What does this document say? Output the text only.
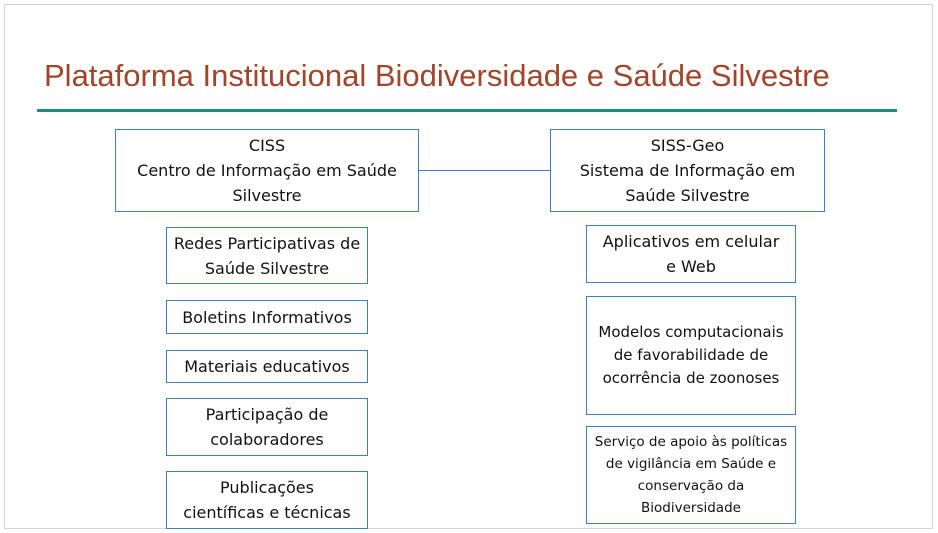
Plataforma Institucional Biodiversidade e Saúde Silvestre
CISS
Centro de Informação em Saúde
Silvestre
Redes Participativas de Saúde Silvestre
Boletins Informativos
Materiais educativos
Participação de colaboradores
Publicações científicas e técnicas
SISS-Geo
Sistema de Informação em
Saúde Silvestre
Aplicativos em celular e Web
Modelos computacionais de favorabilidade de ocorrência de zoonoses
Serviço de apoio às políticas de vigilância em Saúde e conservação da Biodiversidade
